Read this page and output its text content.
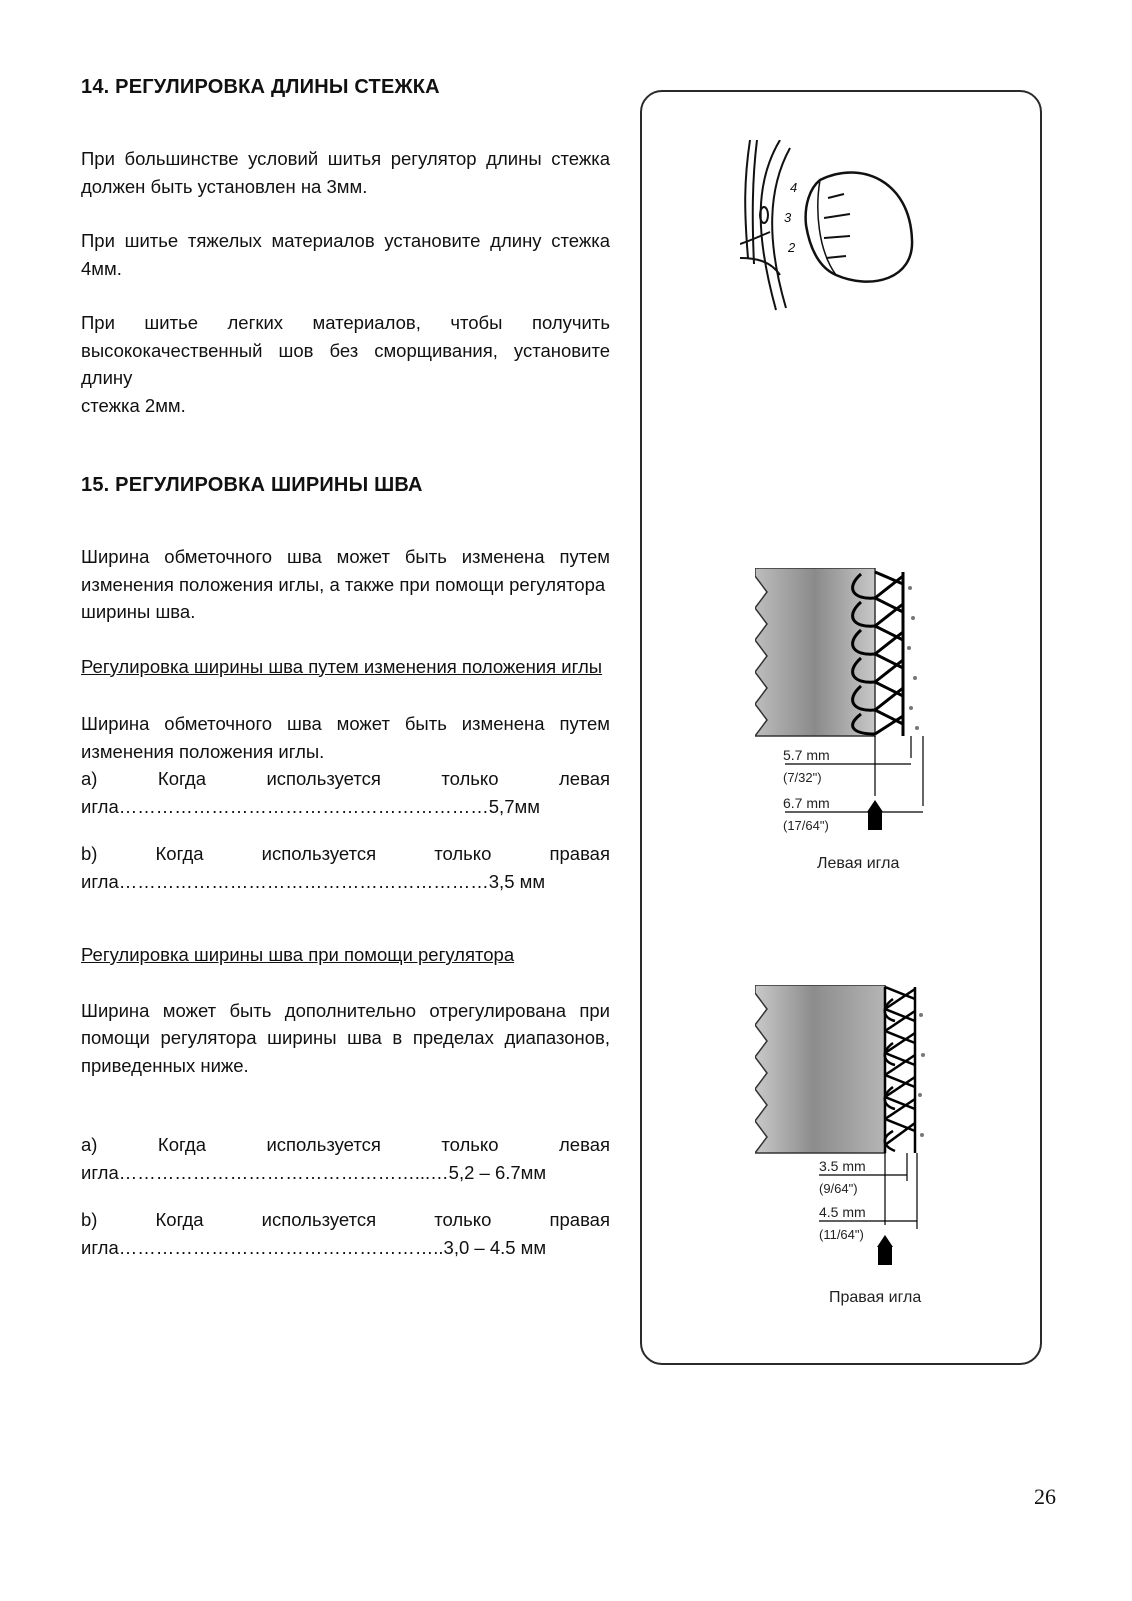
14. РЕГУЛИРОВКА ДЛИНЫ СТЕЖКА

При большинстве условий шитья регулятор длины стежка должен быть установлен на 3мм.

При шитье тяжелых материалов установите длину стежка 4мм.

При шитье легких материалов, чтобы получить высококачественный шов без сморщивания, установите длину

стежка 2мм.

15. РЕГУЛИРОВКА ШИРИНЫ ШВА

Ширина обметочного шва может быть изменена путем изменения положения иглы, а также при помощи регулятора

ширины шва.

Регулировка ширины шва путем изменения положения иглы

Ширина обметочного шва может быть изменена путем изменения положения иглы.

а) Когда используется только левая игла……………………………………………………5,7мм

b) Когда используется только правая игла……………………………………………………3,5 мм

Регулировка ширины шва при помощи регулятора

Ширина может быть дополнительно отрегулирована при помощи регулятора ширины шва в пределах диапазонов, приведенных ниже.

а) Когда используется только левая игла…………………………………………...…5,2 – 6.7мм

b) Когда используется только правая игла……………………………………………..3,0 – 4.5 мм

4
3
2
5.7 mm
(7/32")
6.7 mm
(17/64")
Левая игла
3.5 mm
(9/64")
4.5 mm
(11/64")
Правая игла
26
